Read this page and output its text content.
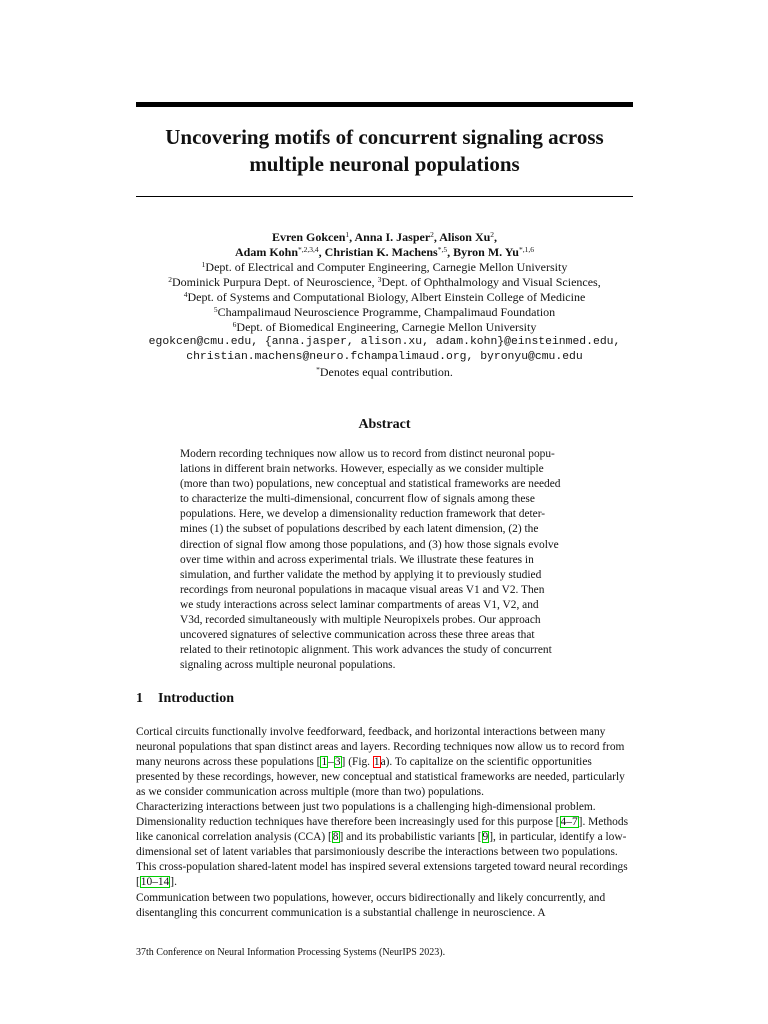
Uncovering motifs of concurrent signaling across multiple neuronal populations
Evren Gokcen$^1$, Anna I. Jasper$^2$, Alison Xu$^2$,
Adam Kohn$^{*,2,3,4}$, Christian K. Machens$^{*,5}$, Byron M. $Yu^{*,1,6}$
$^1$Dept. of Electrical and Computer Engineering, Carnegie Mellon University
$^2$Dominick Purpura Dept. of Neuroscience, $^3$Dept. of Ophthalmology and Visual Sciences,
$^4$Dept. of Systems and Computational Biology, Albert Einstein College of Medicine
$^5$Champalimaud Neuroscience Programme, Champalimaud Foundation
$^6$Dept. of Biomedical Engineering, Carnegie Mellon University
egokcen@cmu.edu, {anna.jasper, alison.xu, adam.kohn}@einsteinmed.edu,
christian.machens@neuro.fchampalimaud.org, byronyu@cmu.edu
*Denotes equal contribution.
Abstract
Modern recording techniques now allow us to record from distinct neuronal popu-
lations in different brain networks. However, especially as we consider multiple
(more than two) populations, new conceptual and statistical frameworks are needed
to characterize the multi-dimensional, concurrent flow of signals among these
populations. Here, we develop a dimensionality reduction framework that deter-
mines (1) the subset of populations described by each latent dimension, (2) the
direction of signal flow among those populations, and (3) how those signals evolve
over time within and across experimental trials. We illustrate these features in
simulation, and further validate the method by applying it to previously studied
recordings from neuronal populations in macaque visual areas V1 and V2. Then
we study interactions across select laminar compartments of areas V1, V2, and
V3d, recorded simultaneously with multiple Neuropixels probes. Our approach
uncovered signatures of selective communication across these three areas that
related to their retinotopic alignment. This work advances the study of concurrent
signaling across multiple neuronal populations.
1 Introduction

Cortical circuits functionally involve feedforward, feedback, and horizontal interactions between many neuronal populations that span distinct areas and layers. Recording techniques now allow us to record from many neurons across these populations [1–3] (Fig. 1a). To capitalize on the scientific opportunities presented by these recordings, however, new conceptual and statistical frameworks are needed, particularly as we consider communication across multiple (more than two) populations.

Characterizing interactions between just two populations is a challenging high-dimensional problem. Dimensionality reduction techniques have therefore been increasingly used for this purpose [4–7]. Methods like canonical correlation analysis (CCA) [8] and its probabilistic variants [9], in particular, identify a low-dimensional set of latent variables that parsimoniously describe the interactions between two populations. This cross-population shared-latent model has inspired several extensions targeted toward neural recordings [10–14].

Communication between two populations, however, occurs bidirectionally and likely concurrently, and disentangling this concurrent communication is a substantial challenge in neuroscience. A

37th Conference on Neural Information Processing Systems (NeurIPS 2023).
